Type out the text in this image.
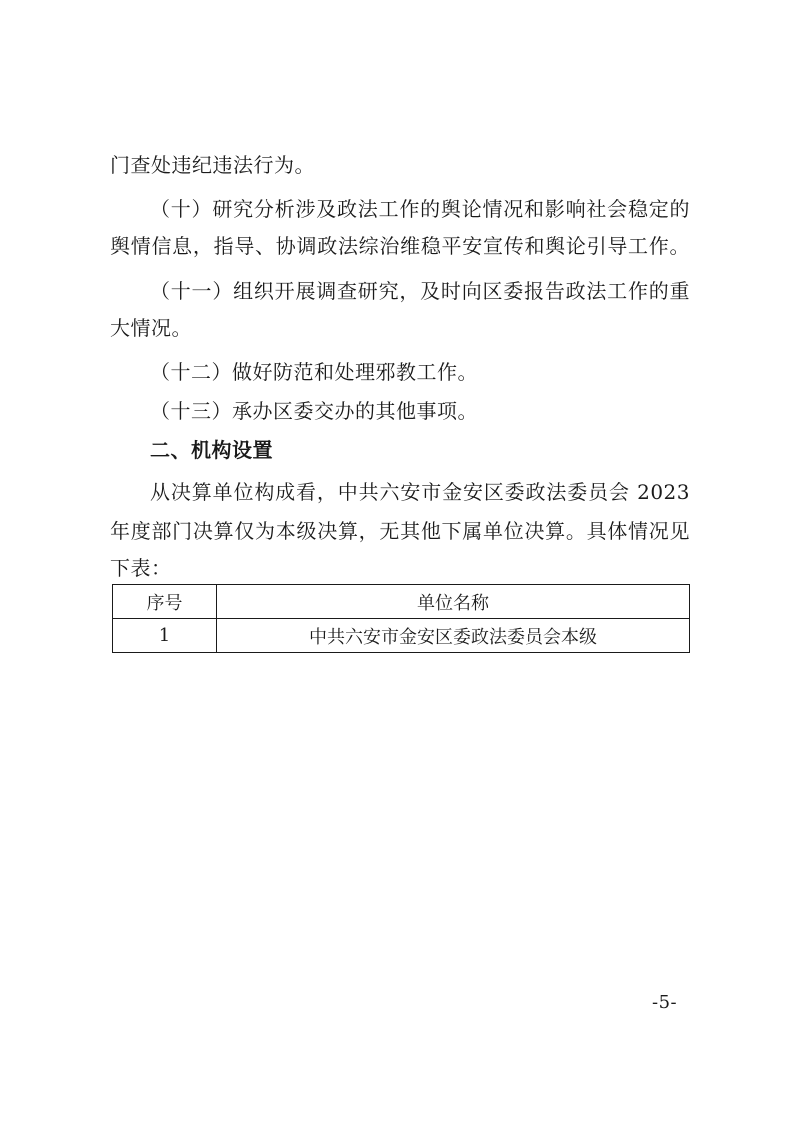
门查处违纪违法行为。
（十）研究分析涉及政法工作的舆论情况和影响社会稳定的
舆情信息，指导、协调政法综治维稳平安宣传和舆论引导工作。
（十一）组织开展调查研究，及时向区委报告政法工作的重
大情况。
（十二）做好防范和处理邪教工作。
（十三）承办区委交办的其他事项。
二、机构设置
从决算单位构成看，中共六安市金安区委政法委员会 2023
年度部门决算仅为本级决算，无其他下属单位决算。具体情况见
下表：
序号	单位名称
1	中共六安市金安区委政法委员会本级
-5-
